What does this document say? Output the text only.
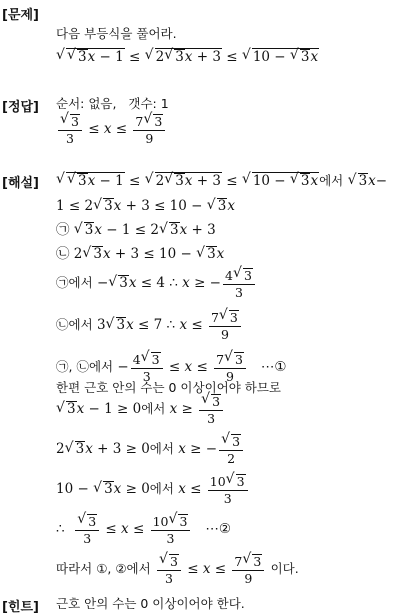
[문제]
다음 부등식을 풀어라.
√ √ 3x − 1 ≤ √ 2 √ 3x + 3 ≤ √ 10 − √ 3x
[정답] 순서: 없음, 갯수: 1
√ $\frac{3}{3} \le x \le \frac{7 √ 3}{9}$
[해설]	√ √ 3x − 1 ≤ √ 2 √ 3x + 3 ≤ √ 10 − √ 3x에서 √ 3x−
1 ≤ 2 √ 3x + 3 ≤ 10 − √ 3x
㉠ √ 3x − 1 ≤ 2 √ 3x + 3
㉡ 2 √ 3x + 3 ≤ 10 − √ 3x
㉠에서 − √ 3x ≤ 4 ∴ x ≥ − $\frac{4 √ 3}{3}$
㉡에서 3 √ 3x ≤ 7 ∴ $x \le \frac{7 √ 3}{9}$
㉠, ㉡에서 − $\frac{4 √ 3}{3} \le x \le \frac{7 √ 3}{9}$ ⋯①
한편 근호 안의 수는 0 이상이어야 하므로
√ 3x − 1 ≥ 0에서 x ≥ √ $\frac{3}{3}$
2 √ 3x + 3 ≥ 0에서 x ≥ − √ $\frac{3}{2}$
10 − √ 3x ≥ 0에서 $x \le \frac{10 √ 3}{3}$
∴ √ $\frac{3}{3} \le x \le \frac{10 √ 3}{3}$ ⋯②
따라서 ①, ②에서 √ $\frac{3}{3} \le x \le \frac{7 √ 3}{9}$ 이다.
[힌트] 근호 안의 수는 0 이상이어야 한다.
